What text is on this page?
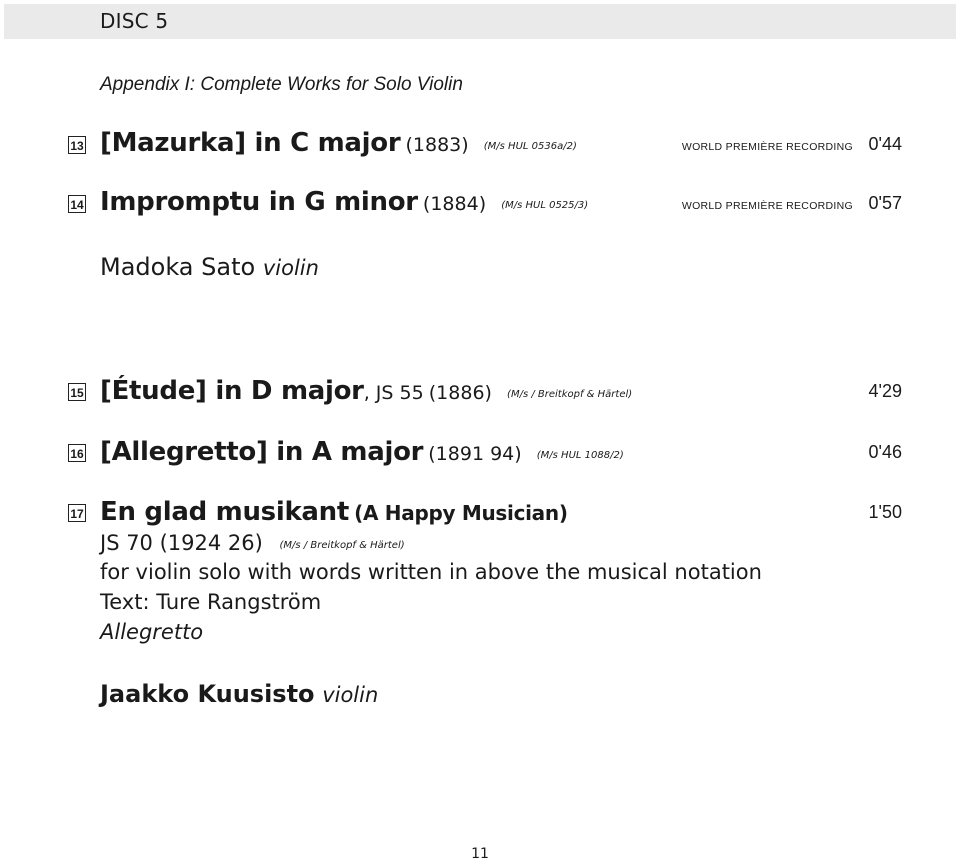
DISC 5
Appendix I: Complete Works for Solo Violin
13 [Mazurka] in C major (1883) (M/s HUL 0536a/2)	WORLD PREMIÈRE RECORDING 0'44
14 Impromptu in G minor (1884) (M/s HUL 0525/3)	WORLD PREMIÈRE RECORDING 0'57
Madoka Sato violin
15 [Étude] in D major, JS 55 (1886) (M/s / Breitkopf & Härtel)	4'29
16 [Allegretto] in A major (1891 94) (M/s HUL 1088/2)	0'46
17 En glad musikant (A Happy Musician)	1'50
JS 70 (1924 26) (M/s / Breitkopf & Härtel)
for violin solo with words written in above the musical notation
Text: Ture Rangström
Allegretto
Jaakko Kuusisto violin
11
